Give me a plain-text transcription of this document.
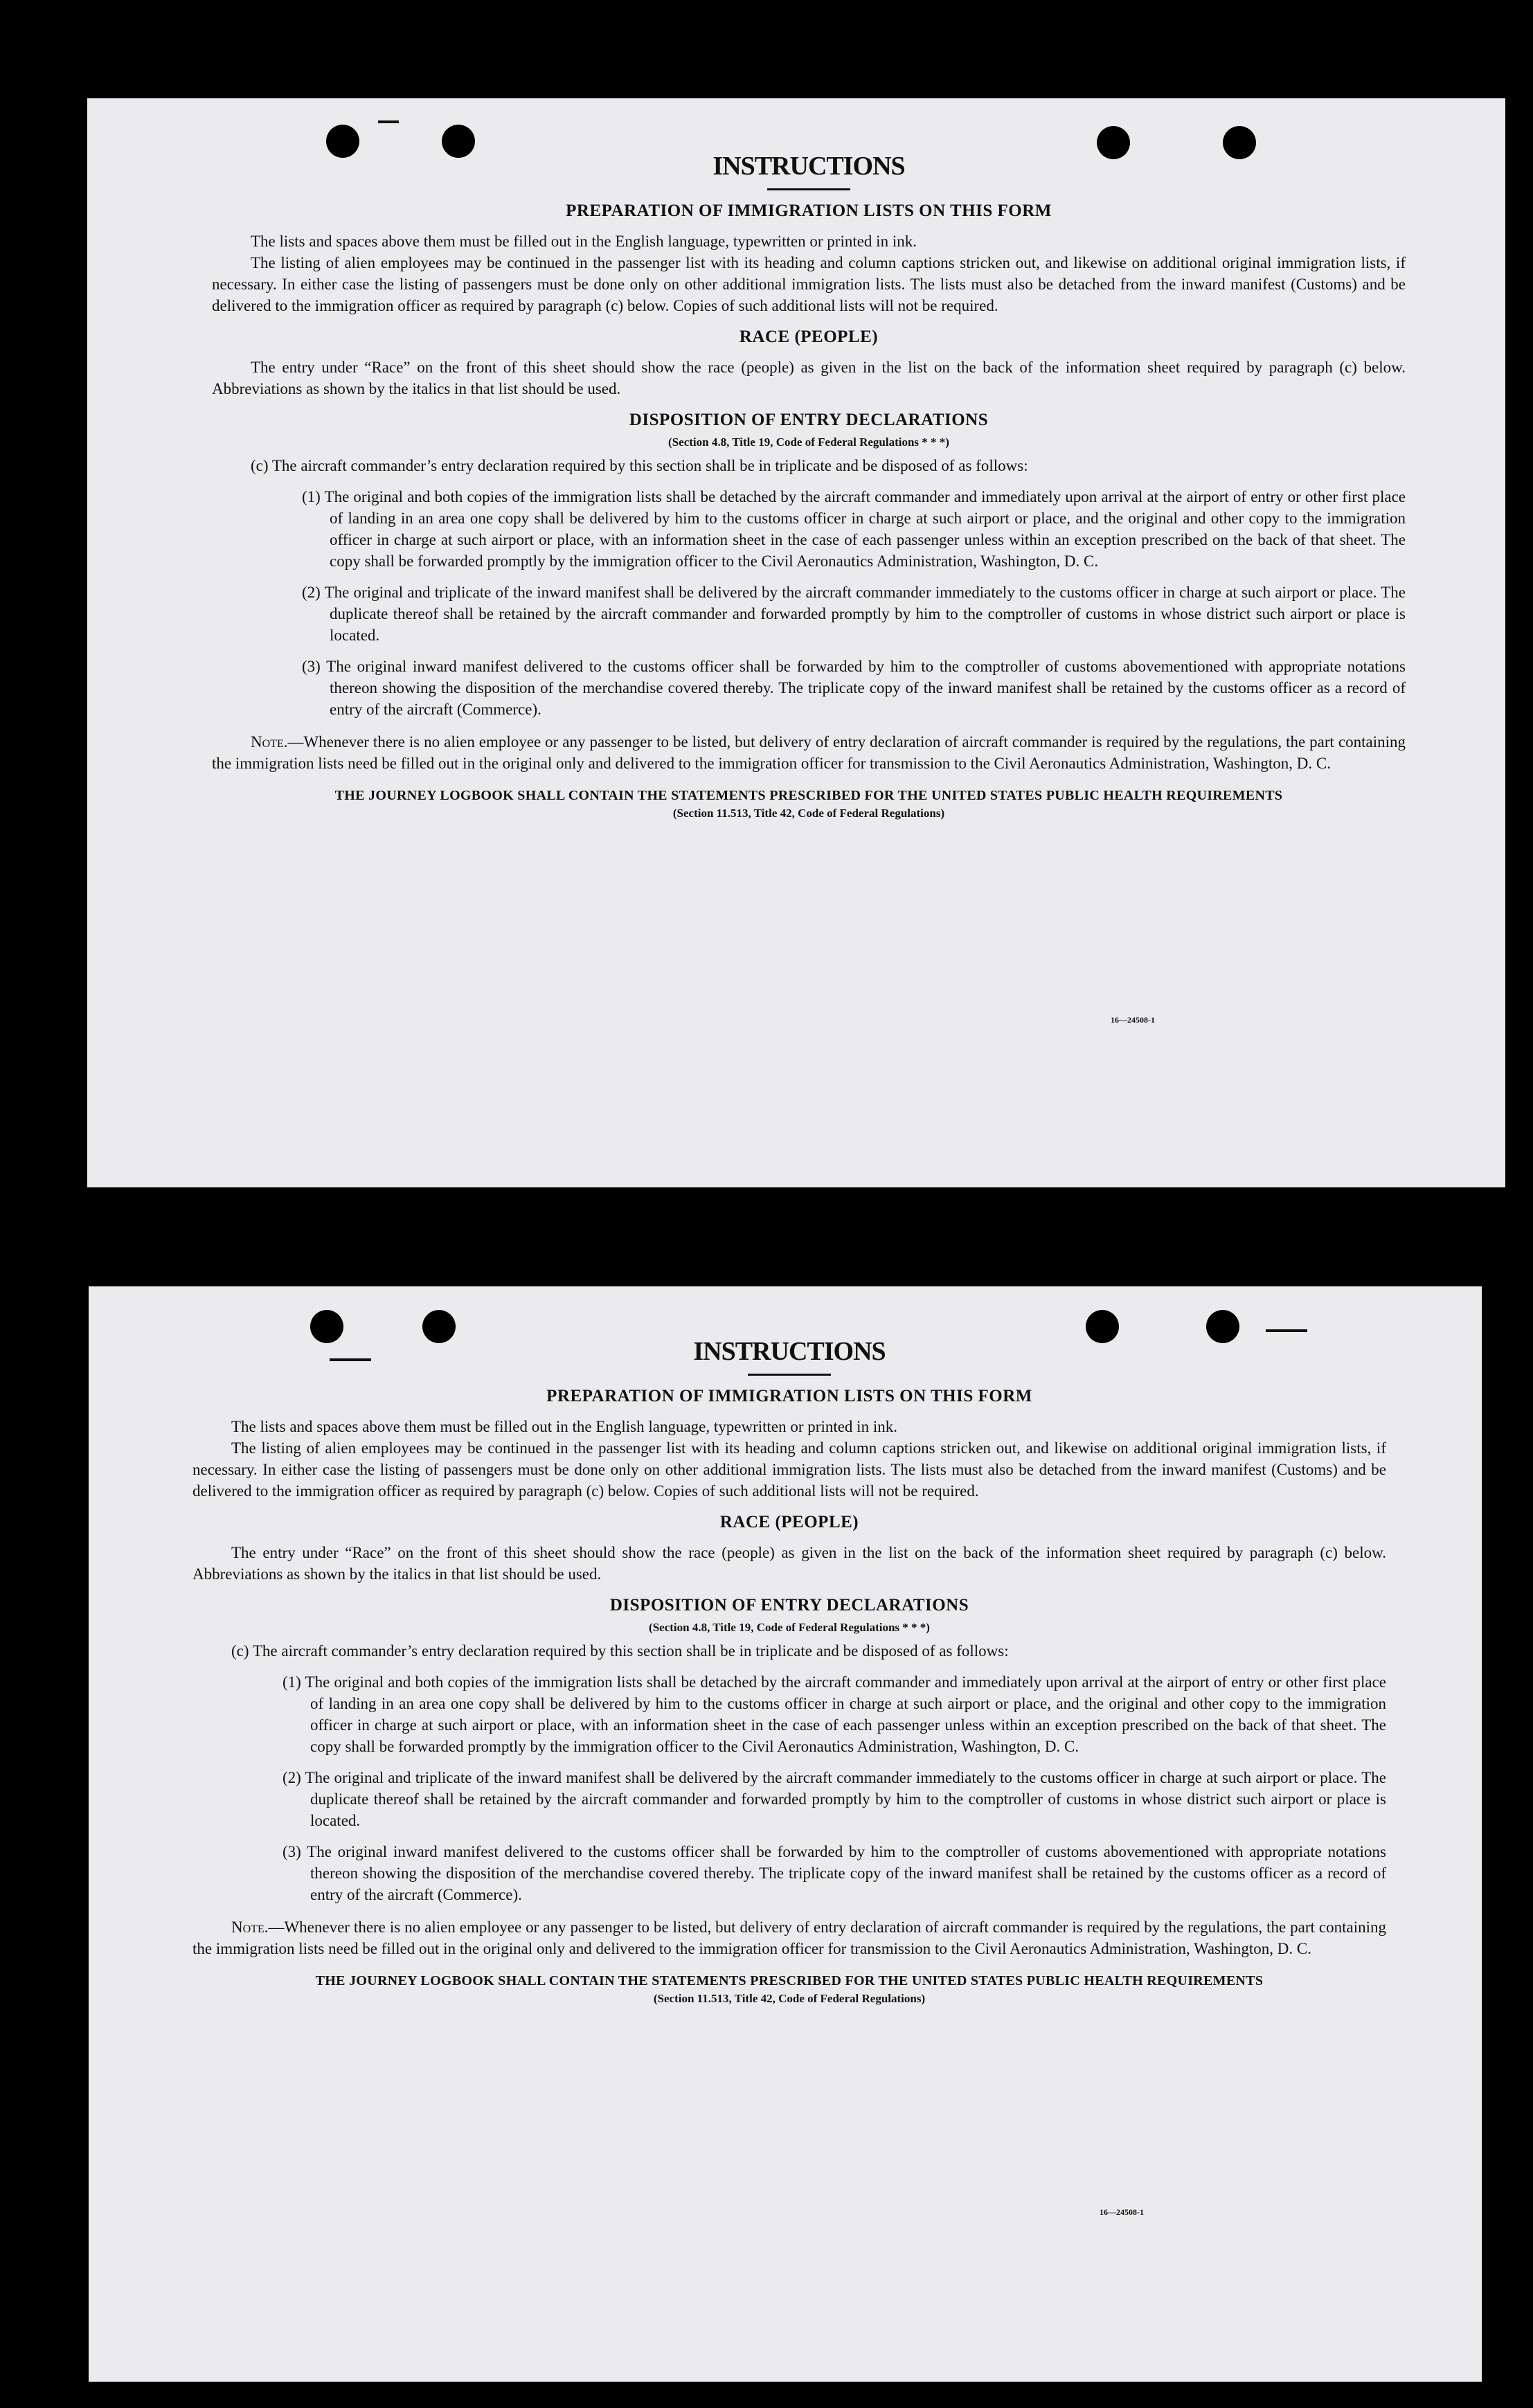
INSTRUCTIONS
PREPARATION OF IMMIGRATION LISTS ON THIS FORM

The lists and spaces above them must be filled out in the English language, typewritten or printed in ink.

The listing of alien employees may be continued in the passenger list with its heading and column captions stricken out, and likewise on additional original immigration lists, if necessary. In either case the listing of passengers must be done only on other additional immigration lists. The lists must also be detached from the inward manifest (Customs) and be delivered to the immigration officer as required by paragraph (c) below. Copies of such additional lists will not be required.

RACE (PEOPLE)

The entry under “Race” on the front of this sheet should show the race (people) as given in the list on the back of the information sheet required by paragraph (c) below. Abbreviations as shown by the italics in that list should be used.

DISPOSITION OF ENTRY DECLARATIONS
(Section 4.8, Title 19, Code of Federal Regulations * * *)

(c) The aircraft commander’s entry declaration required by this section shall be in triplicate and be disposed of as follows:

(1) The original and both copies of the immigration lists shall be detached by the aircraft commander and immediately upon arrival at the airport of entry or other first place of landing in an area one copy shall be delivered by him to the customs officer in charge at such airport or place, and the original and other copy to the immigration officer in charge at such airport or place, with an information sheet in the case of each passenger unless within an exception prescribed on the back of that sheet. The copy shall be forwarded promptly by the immigration officer to the Civil Aeronautics Administration, Washington, D. C.

(2) The original and triplicate of the inward manifest shall be delivered by the aircraft commander immediately to the customs officer in charge at such airport or place. The duplicate thereof shall be retained by the aircraft commander and forwarded promptly by him to the comptroller of customs in whose district such airport or place is located.

(3) The original inward manifest delivered to the customs officer shall be forwarded by him to the comptroller of customs abovementioned with appropriate notations thereon showing the disposition of the merchandise covered thereby. The triplicate copy of the inward manifest shall be retained by the customs officer as a record of entry of the aircraft (Commerce).

Note.—Whenever there is no alien employee or any passenger to be listed, but delivery of entry declaration of aircraft commander is required by the regulations, the part containing the immigration lists need be filled out in the original only and delivered to the immigration officer for transmission to the Civil Aeronautics Administration, Washington, D. C.

THE JOURNEY LOGBOOK SHALL CONTAIN THE STATEMENTS PRESCRIBED FOR THE UNITED STATES PUBLIC HEALTH REQUIREMENTS
(Section 11.513, Title 42, Code of Federal Regulations)
16—24508-1
INSTRUCTIONS
PREPARATION OF IMMIGRATION LISTS ON THIS FORM

The lists and spaces above them must be filled out in the English language, typewritten or printed in ink.

The listing of alien employees may be continued in the passenger list with its heading and column captions stricken out, and likewise on additional original immigration lists, if necessary. In either case the listing of passengers must be done only on other additional immigration lists. The lists must also be detached from the inward manifest (Customs) and be delivered to the immigration officer as required by paragraph (c) below. Copies of such additional lists will not be required.

RACE (PEOPLE)

The entry under “Race” on the front of this sheet should show the race (people) as given in the list on the back of the information sheet required by paragraph (c) below. Abbreviations as shown by the italics in that list should be used.

DISPOSITION OF ENTRY DECLARATIONS
(Section 4.8, Title 19, Code of Federal Regulations * * *)

(c) The aircraft commander’s entry declaration required by this section shall be in triplicate and be disposed of as follows:

(1) The original and both copies of the immigration lists shall be detached by the aircraft commander and immediately upon arrival at the airport of entry or other first place of landing in an area one copy shall be delivered by him to the customs officer in charge at such airport or place, and the original and other copy to the immigration officer in charge at such airport or place, with an information sheet in the case of each passenger unless within an exception prescribed on the back of that sheet. The copy shall be forwarded promptly by the immigration officer to the Civil Aeronautics Administration, Washington, D. C.

(2) The original and triplicate of the inward manifest shall be delivered by the aircraft commander immediately to the customs officer in charge at such airport or place. The duplicate thereof shall be retained by the aircraft commander and forwarded promptly by him to the comptroller of customs in whose district such airport or place is located.

(3) The original inward manifest delivered to the customs officer shall be forwarded by him to the comptroller of customs abovementioned with appropriate notations thereon showing the disposition of the merchandise covered thereby. The triplicate copy of the inward manifest shall be retained by the customs officer as a record of entry of the aircraft (Commerce).

Note.—Whenever there is no alien employee or any passenger to be listed, but delivery of entry declaration of aircraft commander is required by the regulations, the part containing the immigration lists need be filled out in the original only and delivered to the immigration officer for transmission to the Civil Aeronautics Administration, Washington, D. C.

THE JOURNEY LOGBOOK SHALL CONTAIN THE STATEMENTS PRESCRIBED FOR THE UNITED STATES PUBLIC HEALTH REQUIREMENTS
(Section 11.513, Title 42, Code of Federal Regulations)
16—24508-1
